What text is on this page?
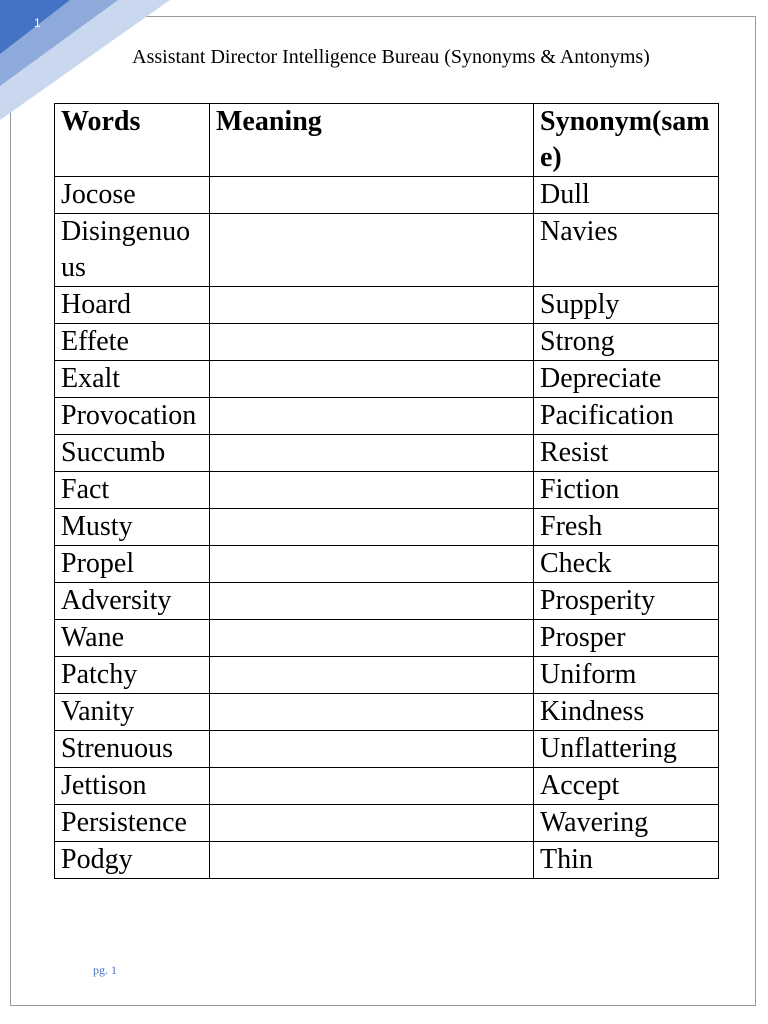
1
Assistant Director Intelligence Bureau (Synonyms & Antonyms)
Words	Meaning	Synonym(same)
Jocose		Dull
Disingenuous		Navies
Hoard		Supply
Effete		Strong
Exalt		Depreciate
Provocation		Pacification
Succumb		Resist
Fact		Fiction
Musty		Fresh
Propel		Check
Adversity		Prosperity
Wane		Prosper
Patchy		Uniform
Vanity		Kindness
Strenuous		Unflattering
Jettison		Accept
Persistence		Wavering
Podgy		Thin
pg. 1
